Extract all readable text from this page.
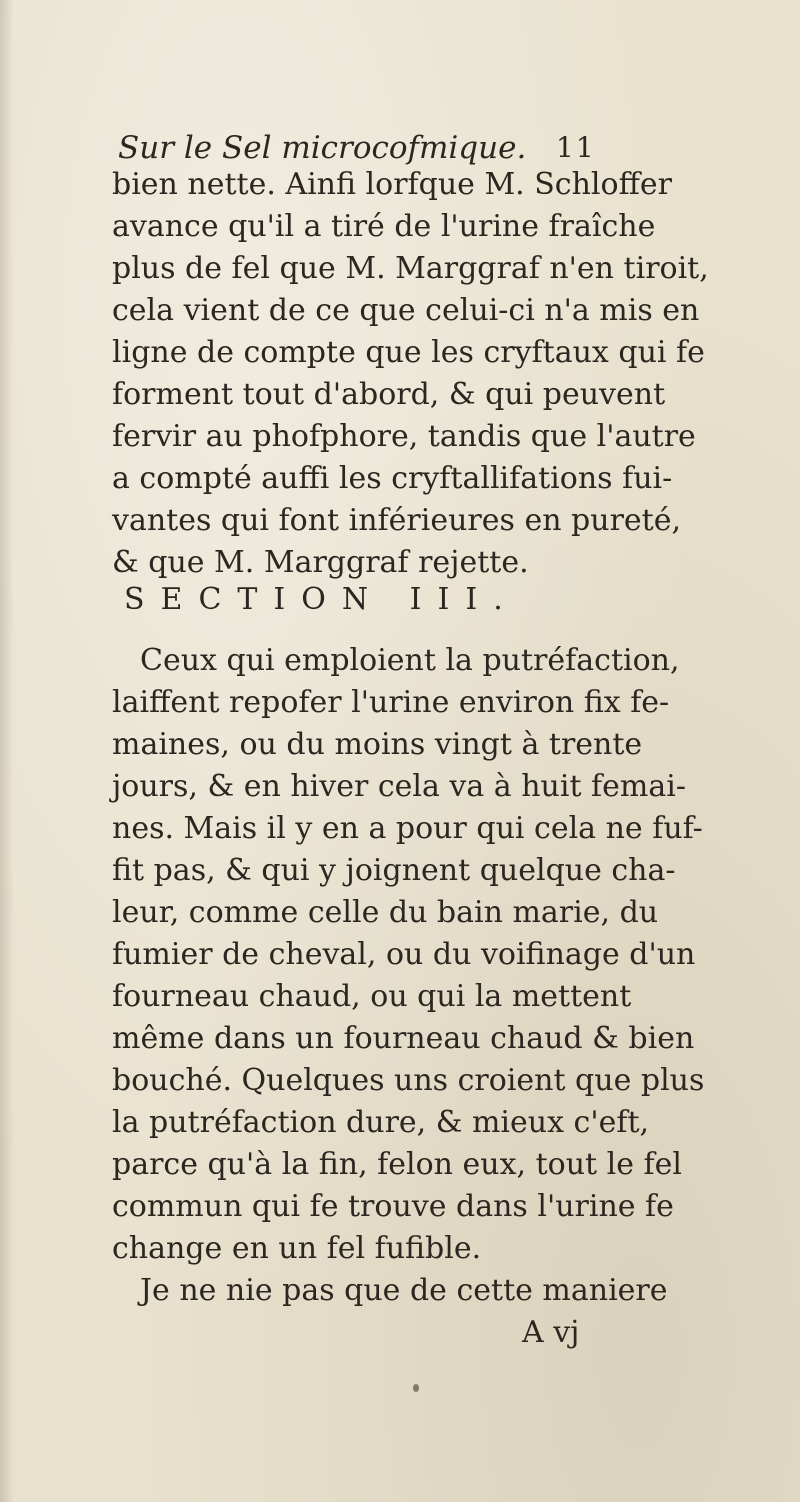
Sur le Sel microcofmique.	11
bien nette. Ainfi lorfque M. Schloffer
avance qu'il a tiré de l'urine fraîche
plus de fel que M. Marggraf n'en tiroit,
cela vient de ce que celui-ci n'a mis en
ligne de compte que les cryftaux qui fe
forment tout d'abord, & qui peuvent
fervir au phofphore, tandis que l'autre
a compté auffi les cryftallifations fui-
vantes qui font inférieures en pureté,
& que M. Marggraf rejette.
SECTION III.
Ceux qui emploient la putréfaction,
laiffent repofer l'urine environ fix fe-
maines, ou du moins vingt à trente
jours, & en hiver cela va à huit femai-
nes. Mais il y en a pour qui cela ne fuf-
fit pas, & qui y joignent quelque cha-
leur, comme celle du bain marie, du
fumier de cheval, ou du voifinage d'un
fourneau chaud, ou qui la mettent
même dans un fourneau chaud & bien
bouché. Quelques uns croient que plus
la putréfaction dure, & mieux c'eft,
parce qu'à la fin, felon eux, tout le fel
commun qui fe trouve dans l'urine fe
change en un fel fufible.
Je ne nie pas que de cette maniere
A vj
